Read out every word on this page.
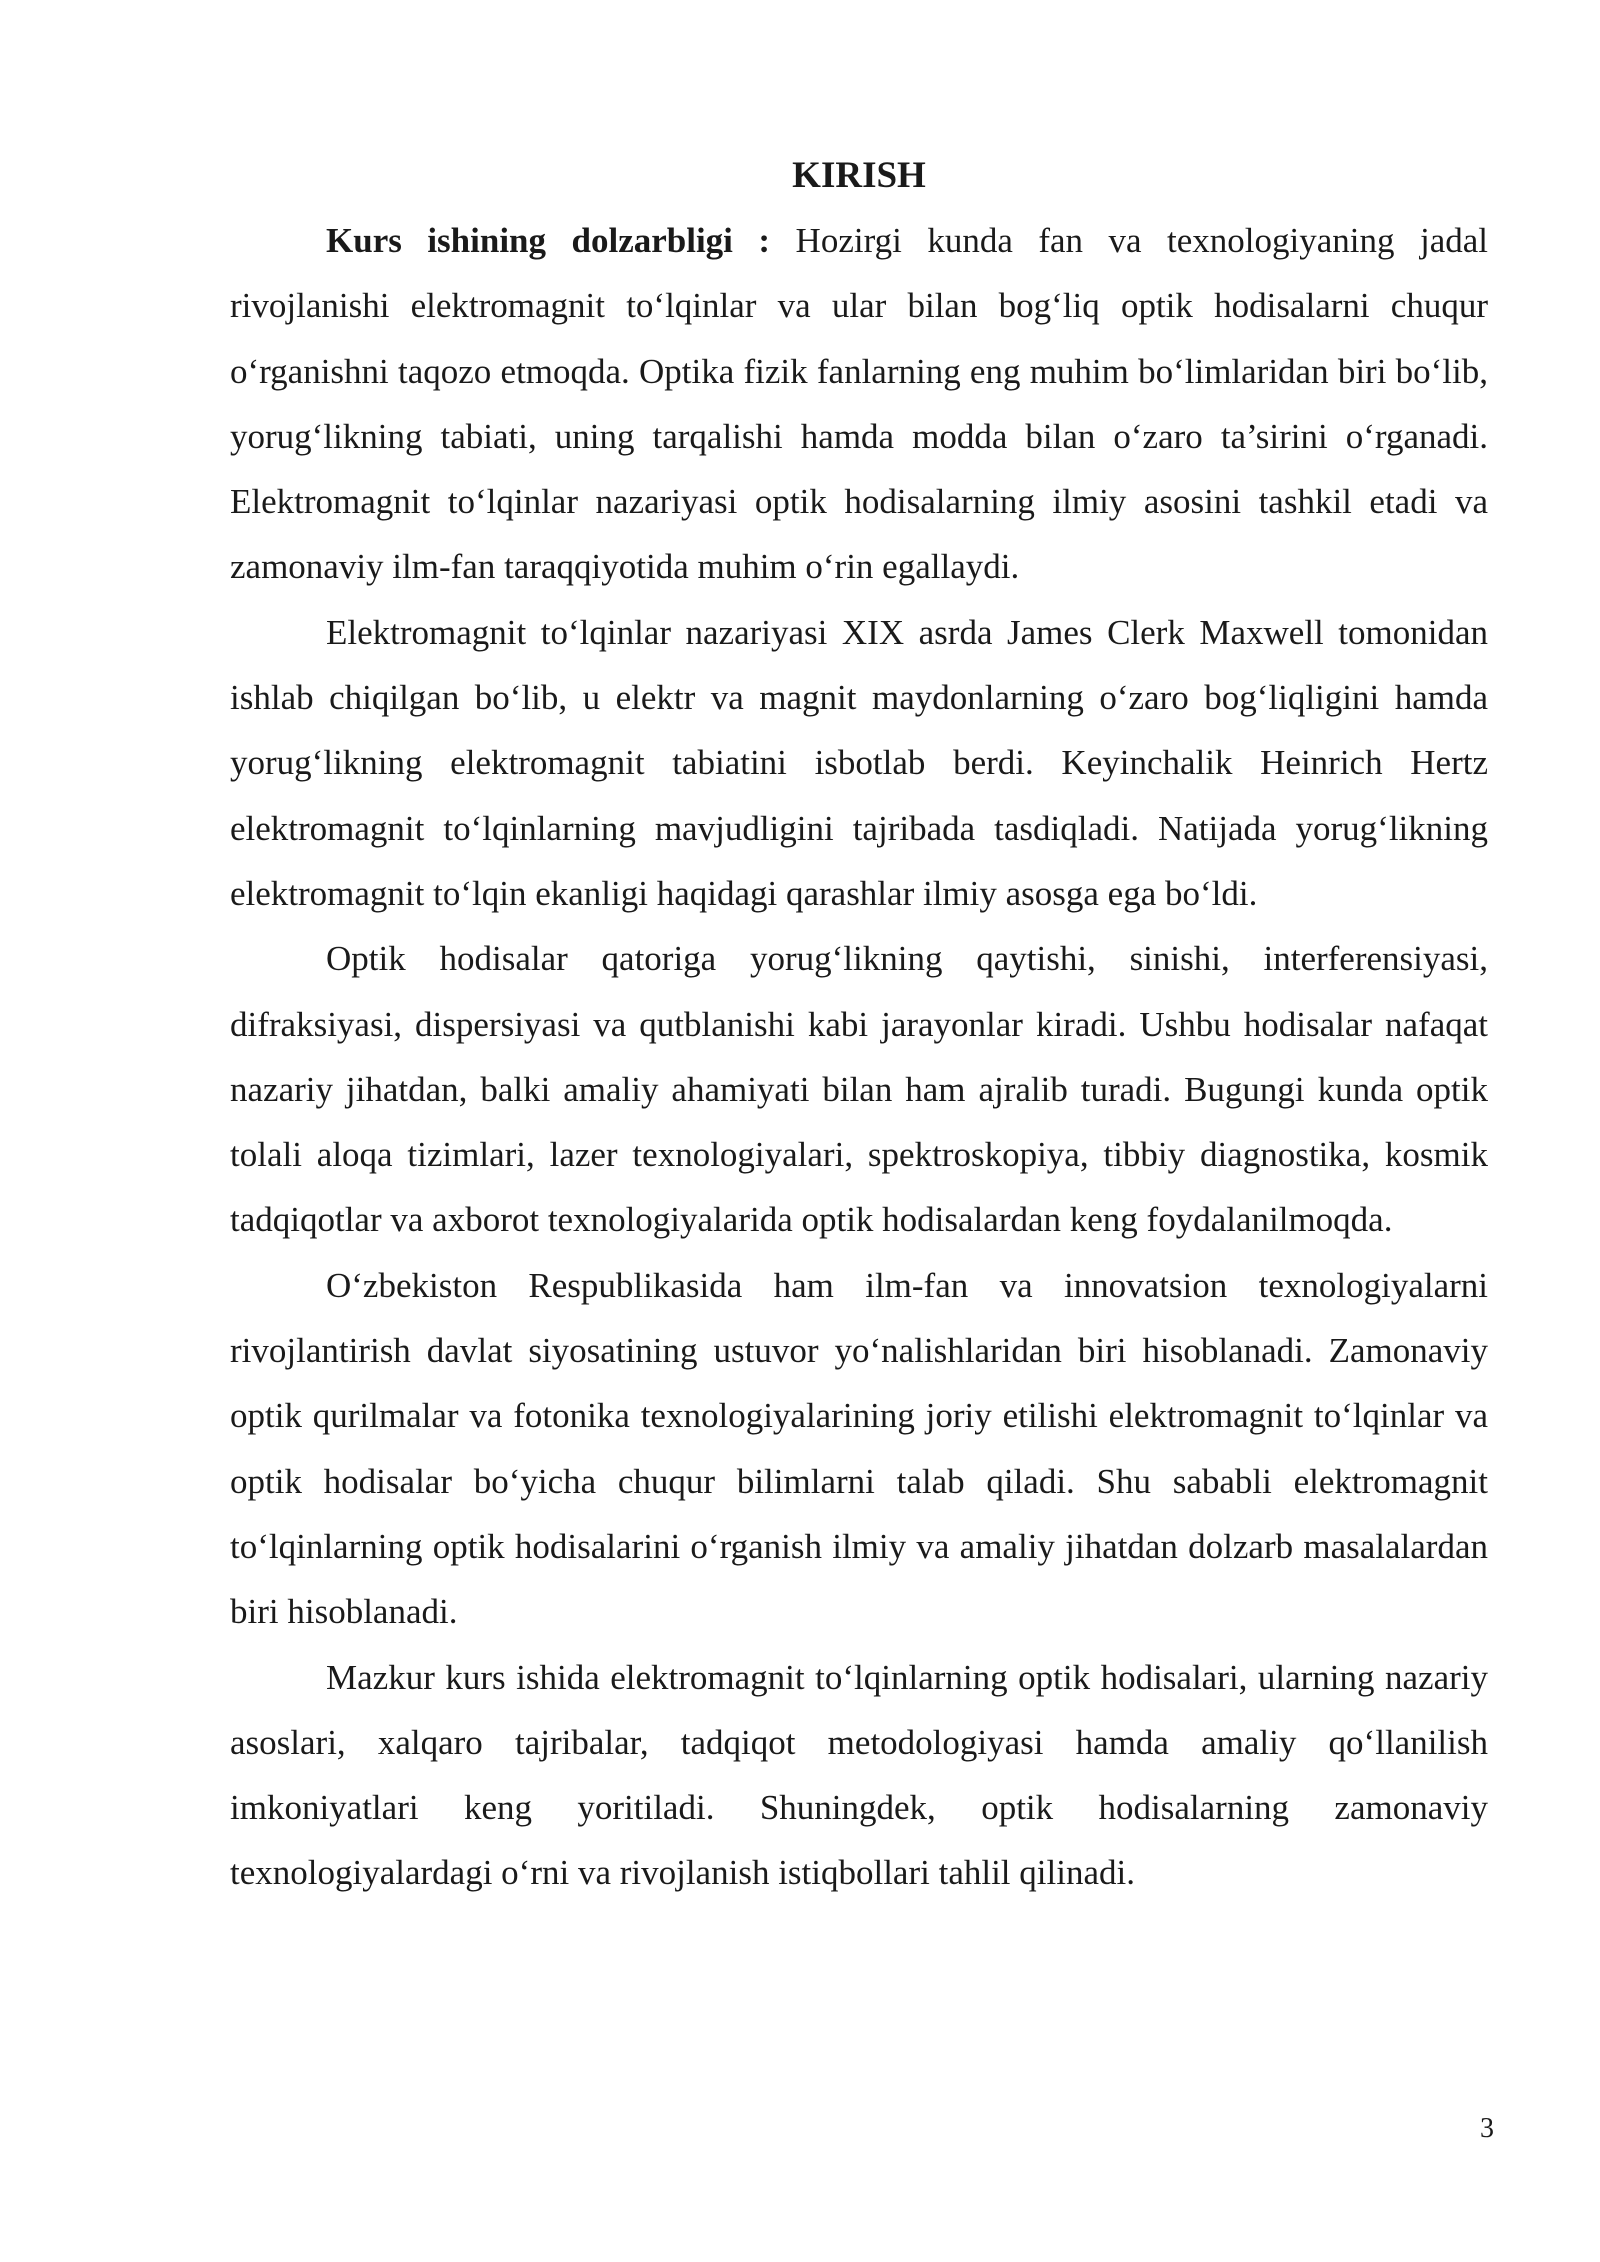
KIRISH

Kurs ishining dolzarbligi : Hozirgi kunda fan va texnologiyaning jadal rivojlanishi elektromagnit to‘lqinlar va ular bilan bog‘liq optik hodisalarni chuqur o‘rganishni taqozo etmoqda. Optika fizik fanlarning eng muhim bo‘limlaridan biri bo‘lib, yorug‘likning tabiati, uning tarqalishi hamda modda bilan o‘zaro ta’sirini o‘rganadi. Elektromagnit to‘lqinlar nazariyasi optik hodisalarning ilmiy asosini tashkil etadi va zamonaviy ilm-fan taraqqiyotida muhim o‘rin egallaydi.

Elektromagnit to‘lqinlar nazariyasi XIX asrda James Clerk Maxwell tomonidan ishlab chiqilgan bo‘lib, u elektr va magnit maydonlarning o‘zaro bog‘liqligini hamda yorug‘likning elektromagnit tabiatini isbotlab berdi. Keyinchalik Heinrich Hertz elektromagnit to‘lqinlarning mavjudligini tajribada tasdiqladi. Natijada yorug‘likning elektromagnit to‘lqin ekanligi haqidagi qarashlar ilmiy asosga ega bo‘ldi.

Optik hodisalar qatoriga yorug‘likning qaytishi, sinishi, interferensiyasi, difraksiyasi, dispersiyasi va qutblanishi kabi jarayonlar kiradi. Ushbu hodisalar nafaqat nazariy jihatdan, balki amaliy ahamiyati bilan ham ajralib turadi. Bugungi kunda optik tolali aloqa tizimlari, lazer texnologiyalari, spektroskopiya, tibbiy diagnostika, kosmik tadqiqotlar va axborot texnologiyalarida optik hodisalardan keng foydalanilmoqda.

O‘zbekiston Respublikasida ham ilm-fan va innovatsion texnologiyalarni rivojlantirish davlat siyosatining ustuvor yo‘nalishlaridan biri hisoblanadi. Zamonaviy optik qurilmalar va fotonika texnologiyalarining joriy etilishi elektromagnit to‘lqinlar va optik hodisalar bo‘yicha chuqur bilimlarni talab qiladi. Shu sababli elektromagnit to‘lqinlarning optik hodisalarini o‘rganish ilmiy va amaliy jihatdan dolzarb masalalardan biri hisoblanadi.

Mazkur kurs ishida elektromagnit to‘lqinlarning optik hodisalari, ularning nazariy asoslari, xalqaro tajribalar, tadqiqot metodologiyasi hamda amaliy qo‘llanilish imkoniyatlari keng yoritiladi. Shuningdek, optik hodisalarning zamonaviy texnologiyalardagi o‘rni va rivojlanish istiqbollari tahlil qilinadi.

3
